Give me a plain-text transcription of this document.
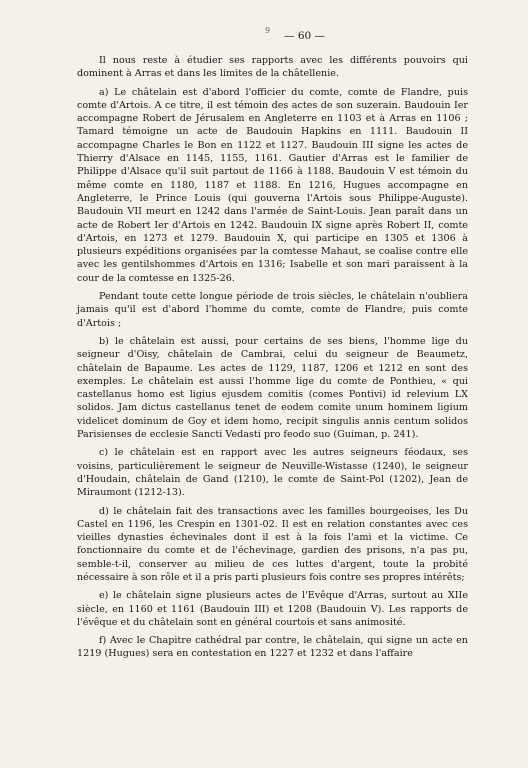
9 — 60 —

Il nous reste à étudier ses rapports avec les différents pouvoirs qui dominent à Arras et dans les limites de la châtellenie.

a) Le châtelain est d'abord l'officier du comte, comte de Flandre, puis comte d'Artois. A ce titre, il est témoin des actes de son suzerain. Baudouin Ier accompagne Robert de Jérusalem en Angleterre en 1103 et à Arras en 1106 ; Tamard témoigne un acte de Baudouin Hapkins en 1111. Baudouin II accompagne Charles le Bon en 1122 et 1127. Baudouin III signe les actes de Thierry d'Alsace en 1145, 1155, 1161. Gautier d'Arras est le familier de Philippe d'Alsace qu'il suit partout de 1166 à 1188. Baudouin V est témoin du même comte en 1180, 1187 et 1188. En 1216, Hugues accompagne en Angleterre, le Prince Louis (qui gouverna l'Artois sous Philippe-Auguste). Baudouin VII meurt en 1242 dans l'armée de Saint-Louis. Jean paraît dans un acte de Robert Ier d'Artois en 1242. Baudouin IX signe après Robert II, comte d'Artois, en 1273 et 1279. Baudouin X, qui participe en 1305 et 1306 à plusieurs expéditions organisées par la comtesse Mahaut, se coalise contre elle avec les gentilshommes d'Artois en 1316; Isabelle et son mari paraissent à la cour de la comtesse en 1325-26.

Pendant toute cette longue période de trois siècles, le châtelain n'oubliera jamais qu'il est d'abord l'homme du comte, comte de Flandre, puis comte d'Artois ;

b) le châtelain est aussi, pour certains de ses biens, l'homme lige du seigneur d'Oisy, châtelain de Cambrai, celui du seigneur de Beaumetz, châtelain de Bapaume. Les actes de 1129, 1187, 1206 et 1212 en sont des exemples. Le châtelain est aussi l'homme lige du comte de Ponthieu, « qui castellanus homo est ligius ejusdem comitis (comes Pontivi) id relevium LX solidos. Jam dictus castellanus tenet de eodem comite unum hominem ligium videlicet dominum de Goy et idem homo, recipit singulis annis centum solidos Parisienses de ecclesie Sancti Vedasti pro feodo suo (Guiman, p. 241).

c) le châtelain est en rapport avec les autres seigneurs féodaux, ses voisins, particulièrement le seigneur de Neuville-Wistasse (1240), le seigneur d'Houdain, châtelain de Gand (1210), le comte de Saint-Pol (1202), Jean de Miraumont (1212-13).

d) le châtelain fait des transactions avec les familles bourgeoises, les Du Castel en 1196, les Crespin en 1301-02. Il est en relation constantes avec ces vieilles dynasties échevinales dont il est à la fois l'ami et la victime. Ce fonctionnaire du comte et de l'échevinage, gardien des prisons, n'a pas pu, semble-t-il, conserver au milieu de ces luttes d'argent, toute la probité nécessaire à son rôle et il a pris parti plusieurs fois contre ses propres intérêts;

e) le châtelain signe plusieurs actes de l'Evêque d'Arras, surtout au XIIe siècle, en 1160 et 1161 (Baudouin III) et 1208 (Baudouin V). Les rapports de l'évêque et du châtelain sont en général courtois et sans animosité.

f) Avec le Chapitre cathédral par contre, le châtelain, qui signe un acte en 1219 (Hugues) sera en contestation en 1227 et 1232 et dans l'affaire
